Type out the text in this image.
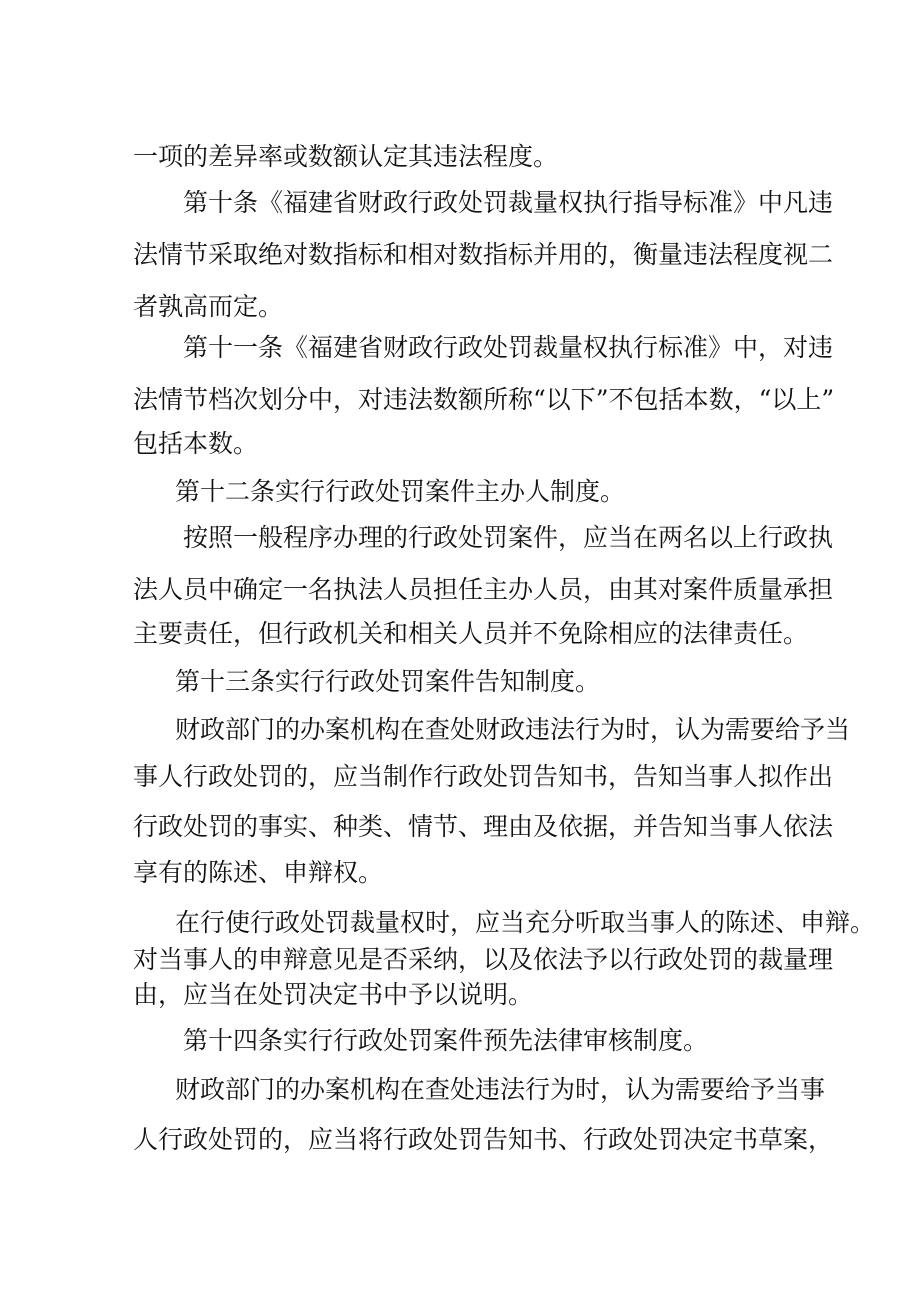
一项的差异率或数额认定其违法程度。
第十条《福建省财政行政处罚裁量权执行指导标准》中凡违
法情节采取绝对数指标和相对数指标并用的，衡量违法程度视二
者孰高而定。
第十一条《福建省财政行政处罚裁量权执行标准》中，对违
法情节档次划分中，对违法数额所称“以下”不包括本数，“以上”
包括本数。
第十二条实行行政处罚案件主办人制度。
按照一般程序办理的行政处罚案件，应当在两名以上行政执
法人员中确定一名执法人员担任主办人员，由其对案件质量承担
主要责任，但行政机关和相关人员并不免除相应的法律责任。
第十三条实行行政处罚案件告知制度。
财政部门的办案机构在查处财政违法行为时，认为需要给予当
事人行政处罚的，应当制作行政处罚告知书，告知当事人拟作出
行政处罚的事实、种类、情节、理由及依据，并告知当事人依法
享有的陈述、申辩权。
在行使行政处罚裁量权时，应当充分听取当事人的陈述、申辩。
对当事人的申辩意见是否采纳，以及依法予以行政处罚的裁量理
由，应当在处罚决定书中予以说明。
第十四条实行行政处罚案件预先法律审核制度。
财政部门的办案机构在查处违法行为时，认为需要给予当事
人行政处罚的，应当将行政处罚告知书、行政处罚决定书草案，
